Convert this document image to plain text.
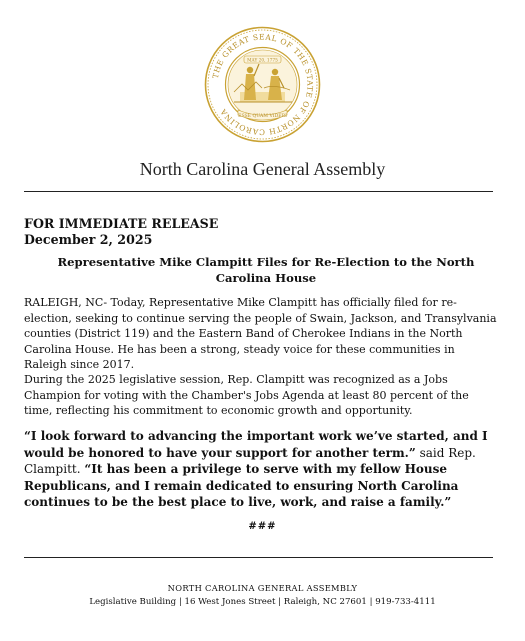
THE GREAT SEAL OF THE STATE OF NORTH CAROLINA
MAY 20, 1775
ESSE QUAM VIDERI
North Carolina General Assembly
FOR IMMEDIATE RELEASE
December 2, 2025
Representative Mike Clampitt Files for Re-Election to the North Carolina House
RALEIGH, NC- Today, Representative Mike Clampitt has officially filed for re-election, seeking to continue serving the people of Swain, Jackson, and Transylvania counties (District 119) and the Eastern Band of Cherokee Indians in the North Carolina House. He has been a strong, steady voice for these communities in Raleigh since 2017.
During the 2025 legislative session, Rep. Clampitt was recognized as a Jobs Champion for voting with the Chamber's Jobs Agenda at least 80 percent of the time, reflecting his commitment to economic growth and opportunity.
“I look forward to advancing the important work we’ve started, and I would be honored to have your support for another term.” said Rep. Clampitt. “It has been a privilege to serve with my fellow House Republicans, and I remain dedicated to ensuring North Carolina continues to be the best place to live, work, and raise a family.”
###
NORTH CAROLINA GENERAL ASSEMBLY
Legislative Building | 16 West Jones Street | Raleigh, NC 27601 | 919-733-4111
